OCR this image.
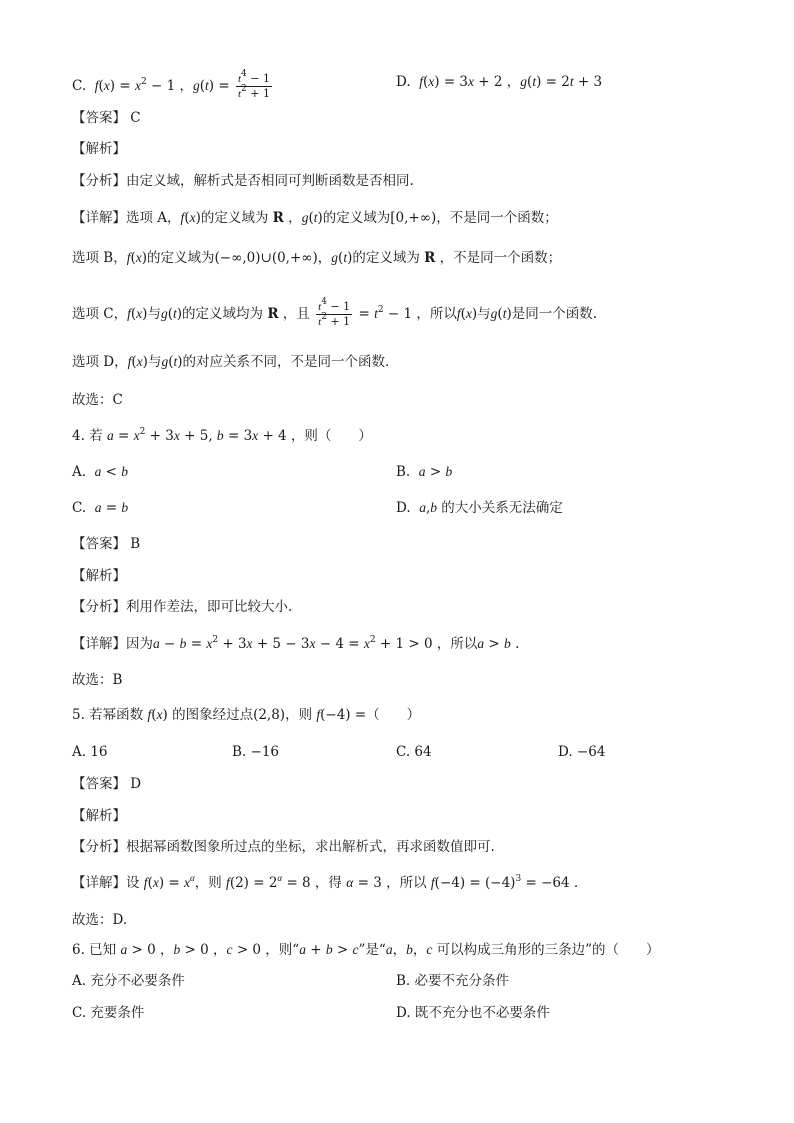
C. $f(x) = x^2 - 1$ ，$g(t) = \frac{t^4 - 1}{t^2 + 1}$	D.  f(x) = 3x + 2 ，g(t) = 2t + 3
【答案】 C
【解析】
【分析】由定义域，解析式是否相同可判断函数是否相同.
【详解】选项 A，f(x)的定义域为 R ，g(t)的定义域为[0,+∞)，不是同一个函数；
选项 B，f(x)的定义域为(−∞,0)∪(0,+∞)，g(t)的定义域为 R ，不是同一个函数；
选项 C，f(x)与g(t)的定义域均为 R ，且 $\frac{t^4 - 1}{t^2 + 1} = t^2 - 1$ ，所以f(x)与g(t)是同一个函数.
选项 D，f(x)与g(t)的对应关系不同，不是同一个函数.
故选：C
4. 若 $a = x^2 + 3x + 5$, b = 3x + 4 ，则（　　）
A.  a < b	B.  a > b
C.  a = b	D.  a,b 的大小关系无法确定
【答案】 B
【解析】
【分析】利用作差法，即可比较大小.
【详解】因为$a - b = x^2 + 3x + 5 - 3x - 4 = x^2 + 1 > 0$ ，所以a > b .
故选：B
5. 若幂函数 f(x) 的图象经过点(2,8)，则 f(−4) =（　　）
A. 16	B. −16	C. 64	D. −64
【答案】 D
【解析】
【分析】根据幂函数图象所过点的坐标，求出解析式，再求函数值即可.
【详解】设 $f(x) = x^\alpha$，则 $f(2) = 2^\alpha = 8$ ，得 α = 3 ，所以 $f(-4) = (-4)^3 = -64$ .
故选：D.
6. 已知 a > 0 ，b > 0 ，c > 0 ，则“a + b > c”是“a，b，c 可以构成三角形的三条边”的（　　）
A. 充分不必要条件	B. 必要不充分条件
C. 充要条件	D. 既不充分也不必要条件
